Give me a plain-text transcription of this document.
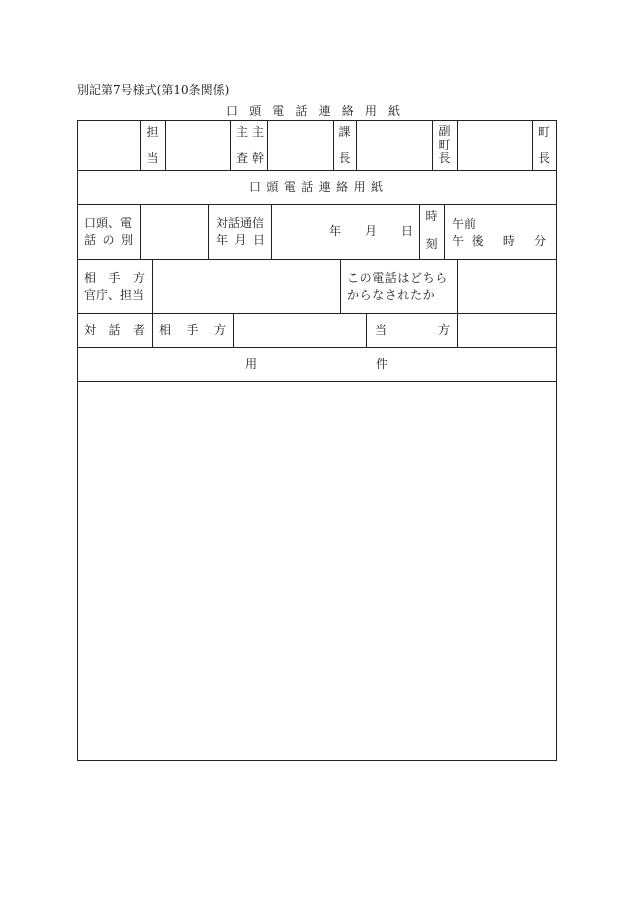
別記第7号様式(第10条関係)
口 頭 電 話 連 絡 用 紙
担
当
主
査
主
幹
課
長
副
町
長
町
長
口 頭 電 話 連 絡 用 紙
口頭、電
話 の 別
対話通信
年 月 日
年 月 日
時
刻
午前
午後 時 分
相 手 方
官庁、担当
この電話はどちら
からなされたか
対 話 者 相 手 方	当 方
用 件
